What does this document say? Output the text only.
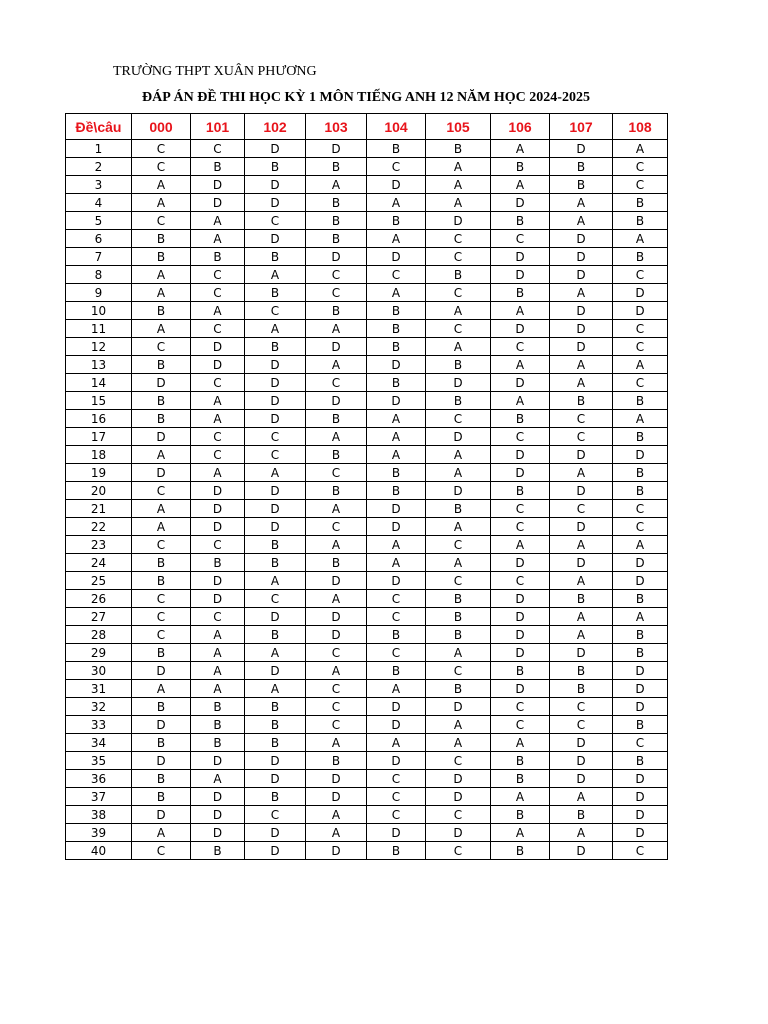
TRƯỜNG THPT XUÂN PHƯƠNG
ĐÁP ÁN ĐỀ THI HỌC KỲ 1 MÔN TIẾNG ANH 12 NĂM HỌC 2024-2025
Đề\câu	000	101	102	103	104	105	106	107	108
1	C	C	D	D	B	B	A	D	A
2	C	B	B	B	C	A	B	B	C
3	A	D	D	A	D	A	A	B	C
4	A	D	D	B	A	A	D	A	B
5	C	A	C	B	B	D	B	A	B
6	B	A	D	B	A	C	C	D	A
7	B	B	B	D	D	C	D	D	B
8	A	C	A	C	C	B	D	D	C
9	A	C	B	C	A	C	B	A	D
10	B	A	C	B	B	A	A	D	D
11	A	C	A	A	B	C	D	D	C
12	C	D	B	D	B	A	C	D	C
13	B	D	D	A	D	B	A	A	A
14	D	C	D	C	B	D	D	A	C
15	B	A	D	D	D	B	A	B	B
16	B	A	D	B	A	C	B	C	A
17	D	C	C	A	A	D	C	C	B
18	A	C	C	B	A	A	D	D	D
19	D	A	A	C	B	A	D	A	B
20	C	D	D	B	B	D	B	D	B
21	A	D	D	A	D	B	C	C	C
22	A	D	D	C	D	A	C	D	C
23	C	C	B	A	A	C	A	A	A
24	B	B	B	B	A	A	D	D	D
25	B	D	A	D	D	C	C	A	D
26	C	D	C	A	C	B	D	B	B
27	C	C	D	D	C	B	D	A	A
28	C	A	B	D	B	B	D	A	B
29	B	A	A	C	C	A	D	D	B
30	D	A	D	A	B	C	B	B	D
31	A	A	A	C	A	B	D	B	D
32	B	B	B	C	D	D	C	C	D
33	D	B	B	C	D	A	C	C	B
34	B	B	B	A	A	A	A	D	C
35	D	D	D	B	D	C	B	D	B
36	B	A	D	D	C	D	B	D	D
37	B	D	B	D	C	D	A	A	D
38	D	D	C	A	C	C	B	B	D
39	A	D	D	A	D	D	A	A	D
40	C	B	D	D	B	C	B	D	C
